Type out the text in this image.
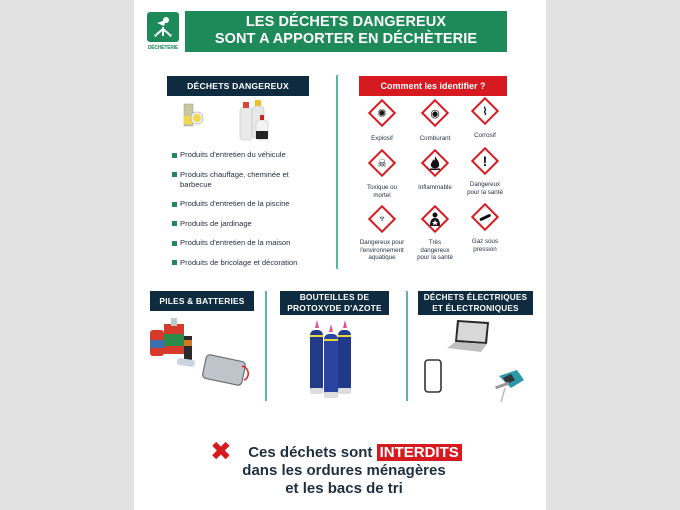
DÉCHÈTERIE
LES DÉCHETS DANGEREUX
SONT A APPORTER EN DÉCHÈTERIE
DÉCHETS DANGEREUX
Produits d'entretien du véhicule
Produits chauffage, cheminée et barbecue
Produits d'entretien de la piscine
Produits de jardinage
Produits d'entretien de la maison
Produits de bricolage et décoration
Comment les identifier ?
✺
Explosif
◉
Comburant
⌇
Corrosif
☠
Toxique ou mortel
Inflammable
!
Dangereux pour la santé
♆
Dangereux pour l'environnement aquatique
Très dangereux pour la santé
Gaz sous pression
PILES & BATTERIES	BOUTEILLES DE
PROTOXYDE D'AZOTE
DÉCHETS ÉLECTRIQUES
ET ÉLECTRONIQUES
✖	Ces déchets sont INTERDITS
dans les ordures ménagères
et les bacs de tri
